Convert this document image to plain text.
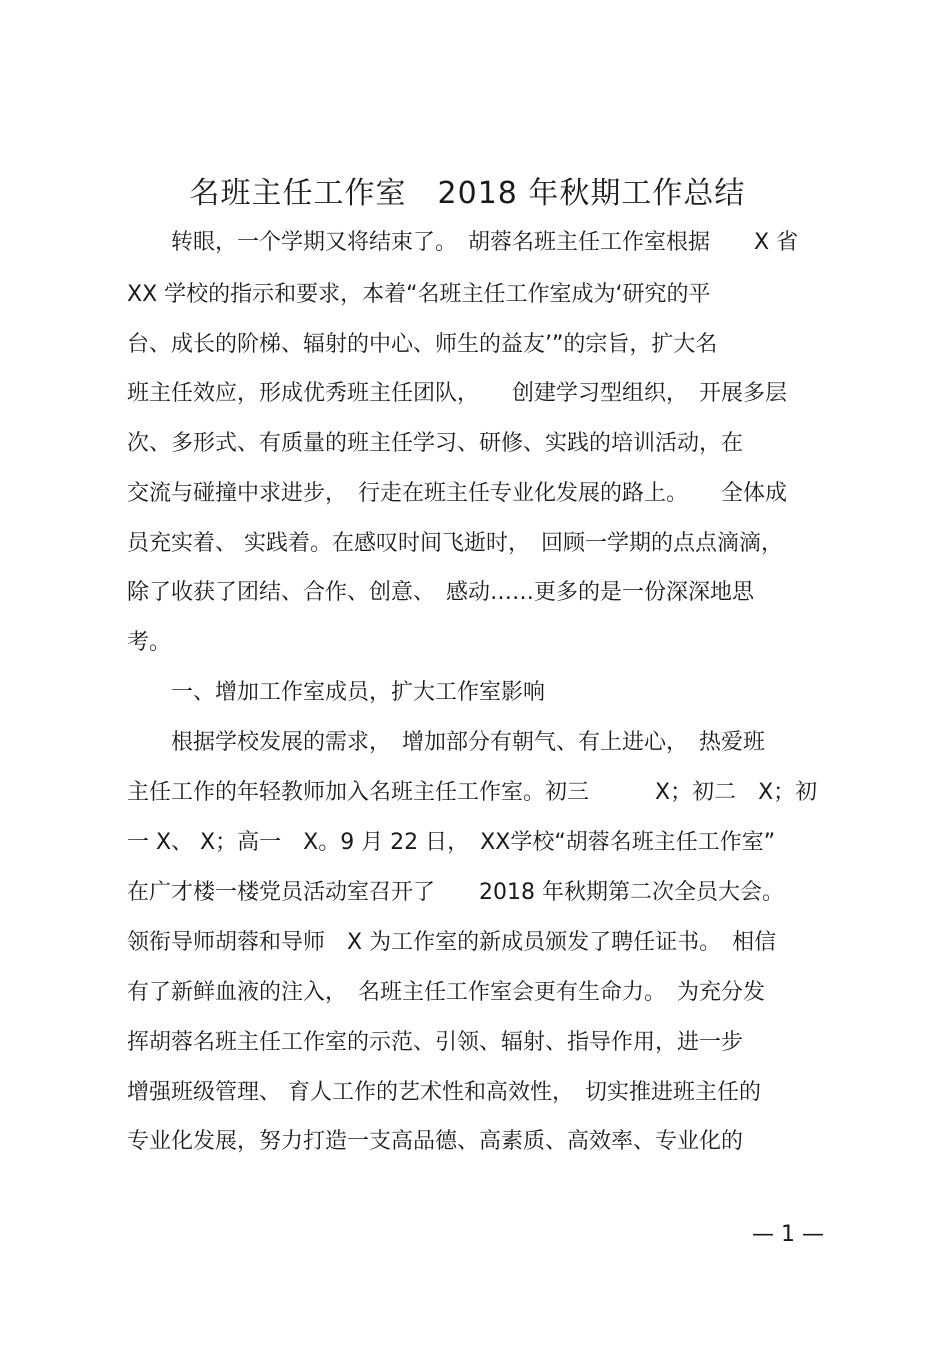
名班主任工作室　2018 年秋期工作总结
　　转眼，一个学期又将结束了。　胡蓉名班主任工作室根据　　X 省
XX 学校的指示和要求，本着“名班主任工作室成为‘研究的平
台、成长的阶梯、辐射的中心、师生的益友’”的宗旨，扩大名
班主任效应，形成优秀班主任团队，　　创建学习型组织，　开展多层
次、多形式、有质量的班主任学习、研修、实践的培训活动，在
交流与碰撞中求进步，　行走在班主任专业化发展的路上。　　全体成
员充实着、 实践着。在感叹时间飞逝时，　回顾一学期的点点滴滴，
除了收获了团结、合作、创意、　感动……更多的是一份深深地思
考。
　　一、增加工作室成员，扩大工作室影响
　　根据学校发展的需求，　增加部分有朝气、有上进心，　热爱班
主任工作的年轻教师加入名班主任工作室。初三　　　X；初二　X；初
一 X、 X；高一　X。9 月 22 日，　XX学校“胡蓉名班主任工作室”
在广才楼一楼党员活动室召开了　　2018 年秋期第二次全员大会。
领衔导师胡蓉和导师　X 为工作室的新成员颁发了聘任证书。　相信
有了新鲜血液的注入，　名班主任工作室会更有生命力。　为充分发
挥胡蓉名班主任工作室的示范、引领、辐射、指导作用，进一步
增强班级管理、 育人工作的艺术性和高效性，　切实推进班主任的
专业化发展，努力打造一支高品德、高素质、高效率、专业化的
— 1 —
